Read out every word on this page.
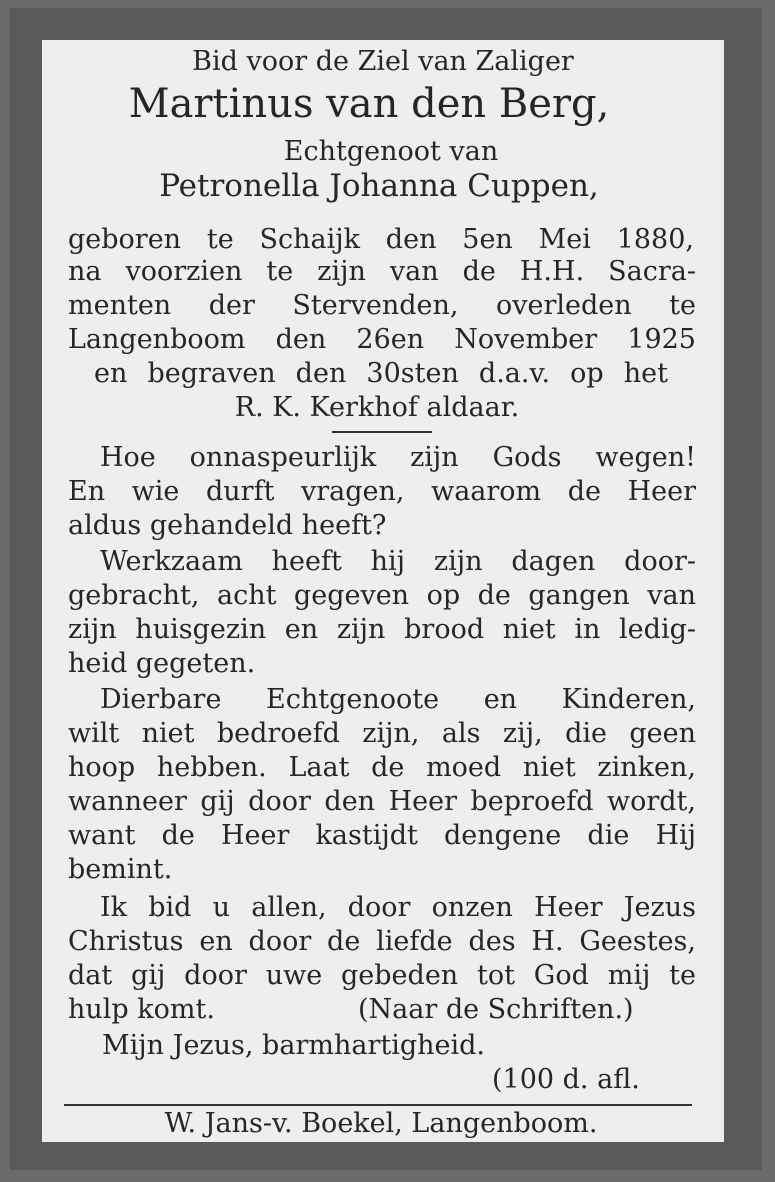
Bid voor de Ziel van Zaliger
Martinus van den Berg,
Echtgenoot van
Petronella Johanna Cuppen,
geboren te Schaijk den 5en Mei 1880,
na voorzien te zijn van de H.H. Sacra-
menten der Stervenden, overleden te
Langenboom den 26en November 1925
en begraven den 30sten d.a.v. op het
R. K. Kerkhof aldaar.
Hoe onnaspeurlijk zijn Gods wegen!
En wie durft vragen, waarom de Heer
aldus gehandeld heeft?
Werkzaam heeft hij zijn dagen door-
gebracht, acht gegeven op de gangen van
zijn huisgezin en zijn brood niet in ledig-
heid gegeten.
Dierbare Echtgenoote en Kinderen,
wilt niet bedroefd zijn, als zij, die geen
hoop hebben. Laat de moed niet zinken,
wanneer gij door den Heer beproefd wordt,
want de Heer kastijdt dengene die Hij
bemint.
Ik bid u allen, door onzen Heer Jezus
Christus en door de liefde des H. Geestes,
dat gij door uwe gebeden tot God mij te
hulp komt.	(Naar de Schriften.)
Mijn Jezus, barmhartigheid.
(100 d. afl.
W. Jans-v. Boekel, Langenboom.
